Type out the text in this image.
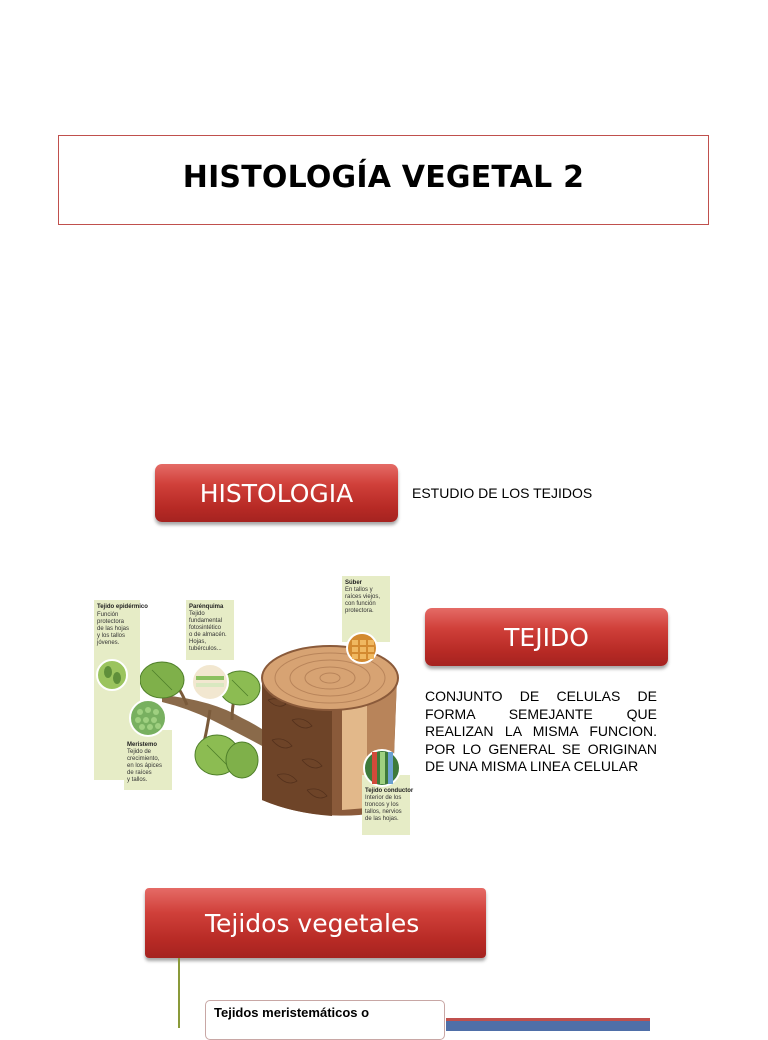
HISTOLOGÍA VEGETAL 2
HISTOLOGIA	ESTUDIO DE LOS TEJIDOS
Tejido epidérmico
Función
protectora
de las hojas
y los tallos
jóvenes.
Parénquima
Tejido
fundamental
fotosintético
o de almacén.
Hojas,
tubérculos...
Súber
En tallos y
raíces viejos,
con función
protectora.
Meristemo
Tejido de
crecimiento,
en los ápices
de raíces
y tallos.
Tejido conductor
Interior de los
troncos y los
tallos, nervios
de las hojas.
TEJIDO
CONJUNTO DE CELULAS DE FORMA SEMEJANTE QUE REALIZAN LA MISMA FUNCION. POR LO GENERAL SE ORIGINAN DE UNA MISMA LINEA CELULAR
Tejidos vegetales
Tejidos meristemáticos o
